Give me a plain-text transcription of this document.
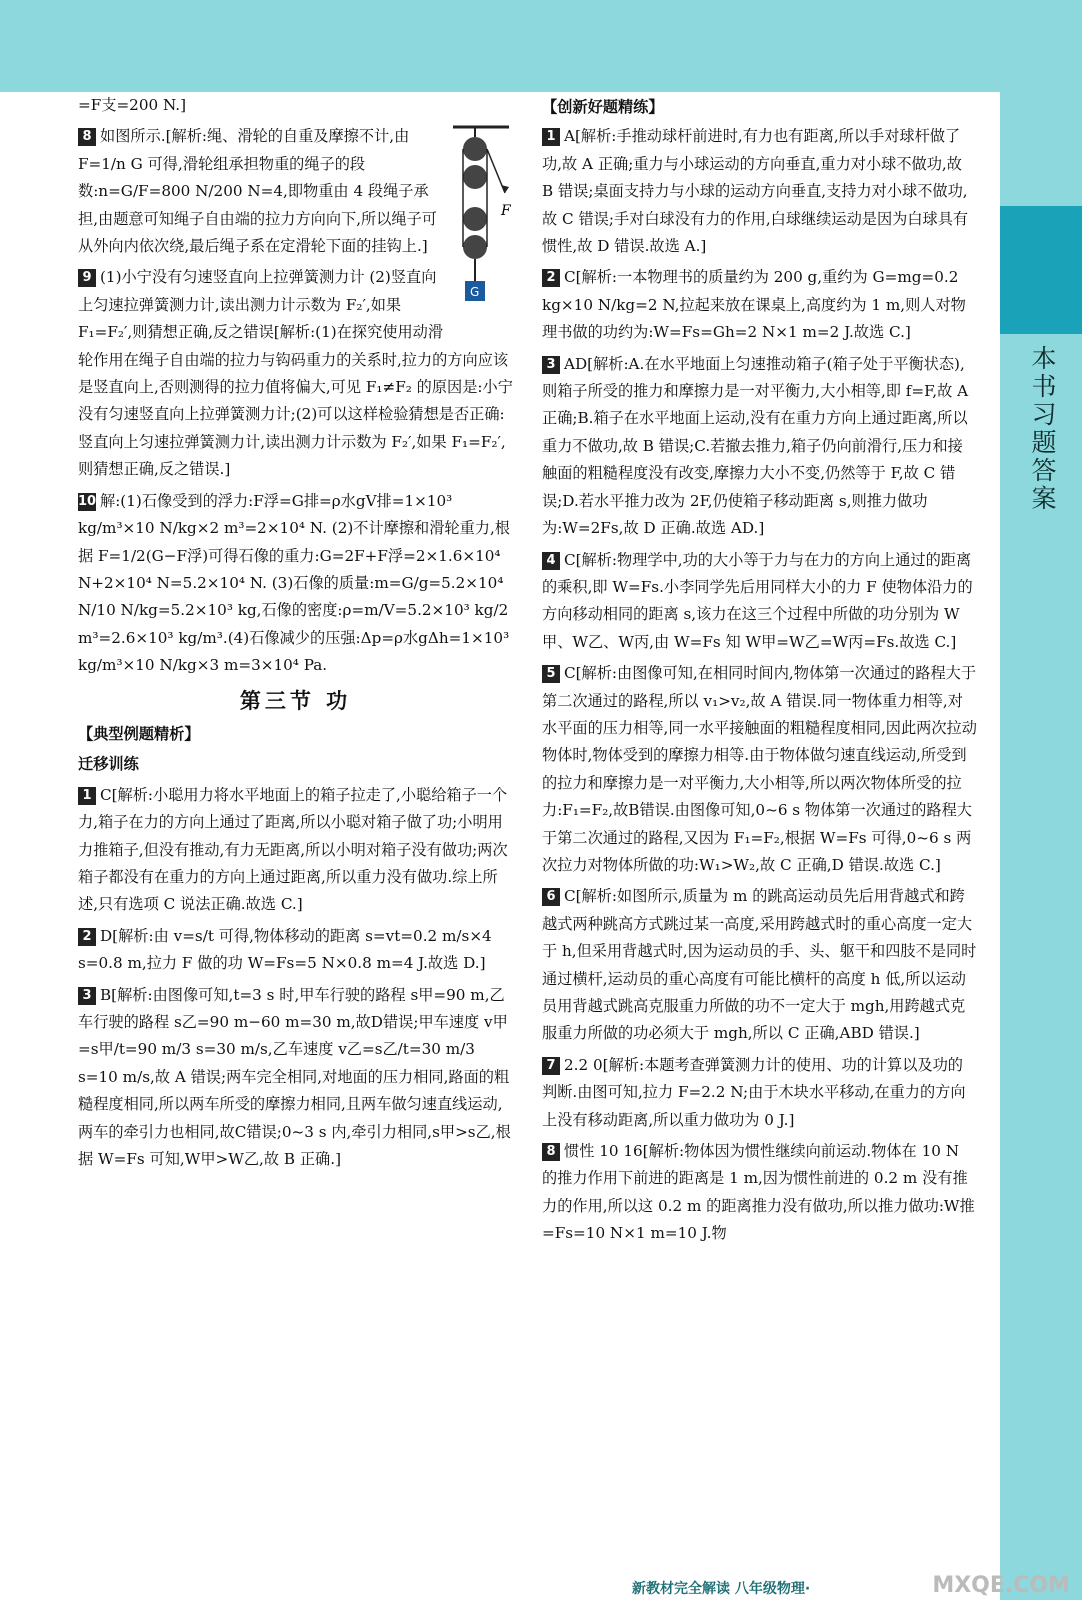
本书习题答案

=F支=200 N.]

F
G
8 如图所示.[解析:绳、滑轮的自重及摩擦不计,由 F=1/n G 可得,滑轮组承担物重的绳子的段数:n=G/F=800 N/200 N=4,即物重由 4 段绳子承担,由题意可知绳子自由端的拉力方向向下,所以绳子可从外向内依次绕,最后绳子系在定滑轮下面的挂钩上.]

9 (1)小宁没有匀速竖直向上拉弹簧测力计 (2)竖直向上匀速拉弹簧测力计,读出测力计示数为 F₂′,如果 F₁=F₂′,则猜想正确,反之错误[解析:(1)在探究使用动滑轮作用在绳子自由端的拉力与钩码重力的关系时,拉力的方向应该是竖直向上,否则测得的拉力值将偏大,可见 F₁≠F₂ 的原因是:小宁没有匀速竖直向上拉弹簧测力计;(2)可以这样检验猜想是否正确:竖直向上匀速拉弹簧测力计,读出测力计示数为 F₂′,如果 F₁=F₂′,则猜想正确,反之错误.]

10 解:(1)石像受到的浮力:F浮=G排=ρ水gV排=1×10³ kg/m³×10 N/kg×2 m³=2×10⁴ N. (2)不计摩擦和滑轮重力,根据 F=1/2(G−F浮)可得石像的重力:G=2F+F浮=2×1.6×10⁴ N+2×10⁴ N=5.2×10⁴ N. (3)石像的质量:m=G/g=5.2×10⁴ N/10 N/kg=5.2×10³ kg,石像的密度:ρ=m/V=5.2×10³ kg/2 m³=2.6×10³ kg/m³.(4)石像减少的压强:Δp=ρ水gΔh=1×10³ kg/m³×10 N/kg×3 m=3×10⁴ Pa.

第三节 功
【典型例题精析】
迁移训练

1 C[解析:小聪用力将水平地面上的箱子拉走了,小聪给箱子一个力,箱子在力的方向上通过了距离,所以小聪对箱子做了功;小明用力推箱子,但没有推动,有力无距离,所以小明对箱子没有做功;两次箱子都没有在重力的方向上通过距离,所以重力没有做功.综上所述,只有选项 C 说法正确.故选 C.]

2 D[解析:由 v=s/t 可得,物体移动的距离 s=vt=0.2 m/s×4 s=0.8 m,拉力 F 做的功 W=Fs=5 N×0.8 m=4 J.故选 D.]

3 B[解析:由图像可知,t=3 s 时,甲车行驶的路程 s甲=90 m,乙车行驶的路程 s乙=90 m−60 m=30 m,故D错误;甲车速度 v甲=s甲/t=90 m/3 s=30 m/s,乙车速度 v乙=s乙/t=30 m/3 s=10 m/s,故 A 错误;两车完全相同,对地面的压力相同,路面的粗糙程度相同,所以两车所受的摩擦力相同,且两车做匀速直线运动,两车的牵引力也相同,故C错误;0~3 s 内,牵引力相同,s甲>s乙,根据 W=Fs 可知,W甲>W乙,故 B 正确.]

【创新好题精练】

1 A[解析:手推动球杆前进时,有力也有距离,所以手对球杆做了功,故 A 正确;重力与小球运动的方向垂直,重力对小球不做功,故 B 错误;桌面支持力与小球的运动方向垂直,支持力对小球不做功,故 C 错误;手对白球没有力的作用,白球继续运动是因为白球具有惯性,故 D 错误.故选 A.]

2 C[解析:一本物理书的质量约为 200 g,重约为 G=mg=0.2 kg×10 N/kg=2 N,拉起来放在课桌上,高度约为 1 m,则人对物理书做的功约为:W=Fs=Gh=2 N×1 m=2 J.故选 C.]

3 AD[解析:A.在水平地面上匀速推动箱子(箱子处于平衡状态),则箱子所受的推力和摩擦力是一对平衡力,大小相等,即 f=F,故 A 正确;B.箱子在水平地面上运动,没有在重力方向上通过距离,所以重力不做功,故 B 错误;C.若撤去推力,箱子仍向前滑行,压力和接触面的粗糙程度没有改变,摩擦力大小不变,仍然等于 F,故 C 错误;D.若水平推力改为 2F,仍使箱子移动距离 s,则推力做功为:W=2Fs,故 D 正确.故选 AD.]

4 C[解析:物理学中,功的大小等于力与在力的方向上通过的距离的乘积,即 W=Fs.小李同学先后用同样大小的力 F 使物体沿力的方向移动相同的距离 s,该力在这三个过程中所做的功分别为 W甲、W乙、W丙,由 W=Fs 知 W甲=W乙=W丙=Fs.故选 C.]

5 C[解析:由图像可知,在相同时间内,物体第一次通过的路程大于第二次通过的路程,所以 v₁>v₂,故 A 错误.同一物体重力相等,对水平面的压力相等,同一水平接触面的粗糙程度相同,因此两次拉动物体时,物体受到的摩擦力相等.由于物体做匀速直线运动,所受到的拉力和摩擦力是一对平衡力,大小相等,所以两次物体所受的拉力:F₁=F₂,故B错误.由图像可知,0~6 s 物体第一次通过的路程大于第二次通过的路程,又因为 F₁=F₂,根据 W=Fs 可得,0~6 s 两次拉力对物体所做的功:W₁>W₂,故 C 正确,D 错误.故选 C.]

6 C[解析:如图所示,质量为 m 的跳高运动员先后用背越式和跨越式两种跳高方式跳过某一高度,采用跨越式时的重心高度一定大于 h,但采用背越式时,因为运动员的手、头、躯干和四肢不是同时通过横杆,运动员的重心高度有可能比横杆的高度 h 低,所以运动员用背越式跳高克服重力所做的功不一定大于 mgh,用跨越式克服重力所做的功必须大于 mgh,所以 C 正确,ABD 错误.]

7 2.2 0[解析:本题考查弹簧测力计的使用、功的计算以及功的判断.由图可知,拉力 F=2.2 N;由于木块水平移动,在重力的方向上没有移动距离,所以重力做功为 0 J.]

8 惯性 10 16[解析:物体因为惯性继续向前运动.物体在 10 N 的推力作用下前进的距离是 1 m,因为惯性前进的 0.2 m 没有推力的作用,所以这 0.2 m 的距离推力没有做功,所以推力做功:W推=Fs=10 N×1 m=10 J.物

新教材完全解读 八年级物理·	MXQE.COM
